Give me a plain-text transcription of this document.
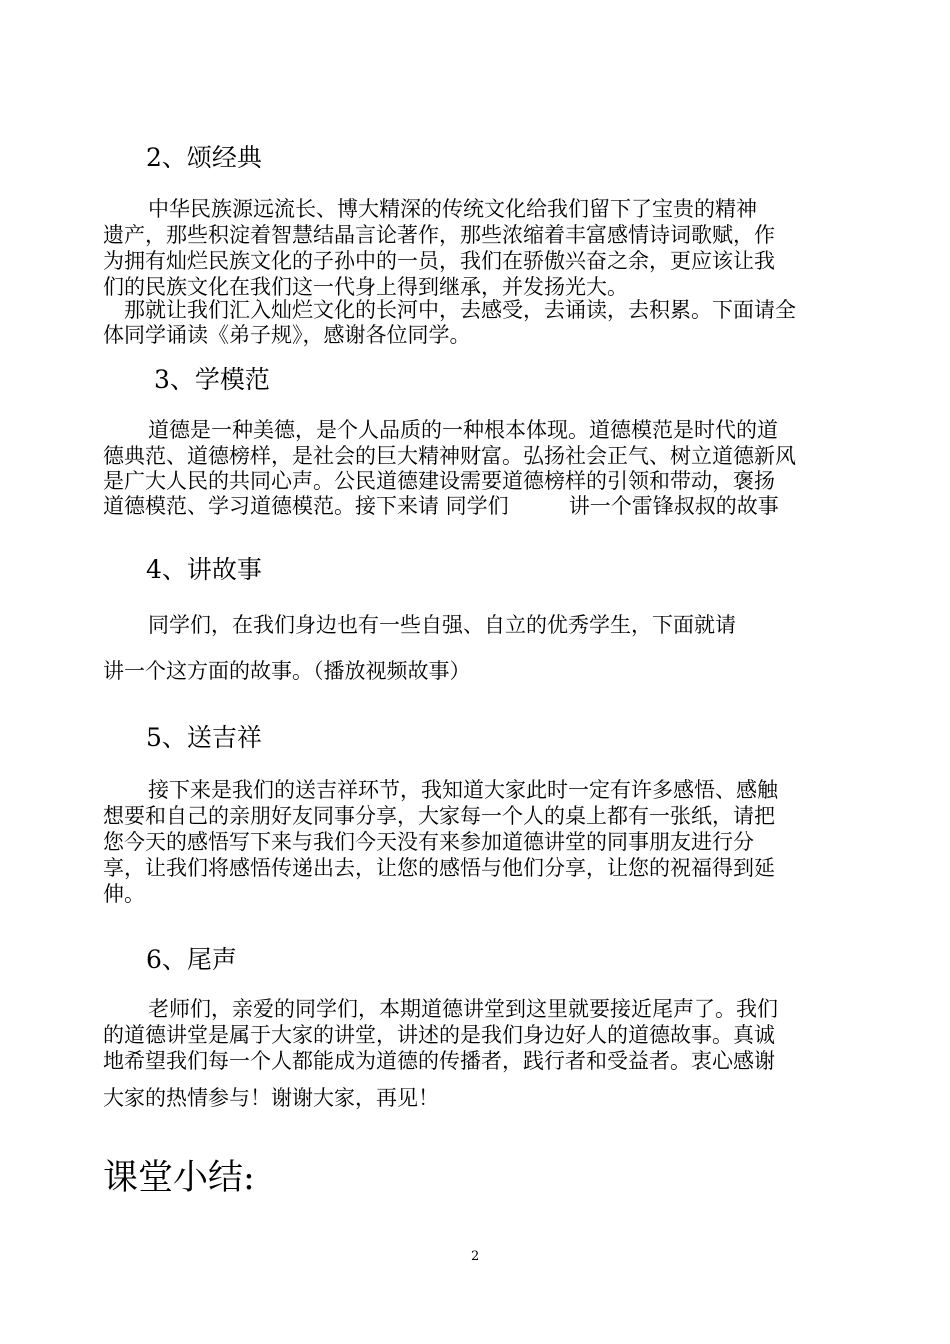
2、颂经典
中华民族源远流长、博大精深的传统文化给我们留下了宝贵的精神
遗产，那些积淀着智慧结晶言论著作，那些浓缩着丰富感情诗词歌赋，作
为拥有灿烂民族文化的子孙中的一员，我们在骄傲兴奋之余，更应该让我
们的民族文化在我们这一代身上得到继承，并发扬光大。
那就让我们汇入灿烂文化的长河中，去感受，去诵读，去积累。下面请全
体同学诵读《弟子规》，感谢各位同学。
3、学模范
道德是一种美德，是个人品质的一种根本体现。道德模范是时代的道
德典范、道德榜样，是社会的巨大精神财富。弘扬社会正气、树立道德新风
是广大人民的共同心声。公民道德建设需要道德榜样的引领和带动，褒扬
道德模范、学习道德模范。接下来请 同学们         讲一个雷锋叔叔的故事
4、讲故事
同学们，在我们身边也有一些自强、自立的优秀学生，下面就请
讲一个这方面的故事。（播放视频故事）
5、送吉祥
接下来是我们的送吉祥环节，我知道大家此时一定有许多感悟、感触
想要和自己的亲朋好友同事分享，大家每一个人的桌上都有一张纸，请把
您今天的感悟写下来与我们今天没有来参加道德讲堂的同事朋友进行分
享，让我们将感悟传递出去，让您的感悟与他们分享，让您的祝福得到延
伸。
6、尾声
老师们，亲爱的同学们，本期道德讲堂到这里就要接近尾声了。我们
的道德讲堂是属于大家的讲堂，讲述的是我们身边好人的道德故事。真诚
地希望我们每一个人都能成为道德的传播者，践行者和受益者。衷心感谢
大家的热情参与！谢谢大家，再见！
课堂小结:
2
